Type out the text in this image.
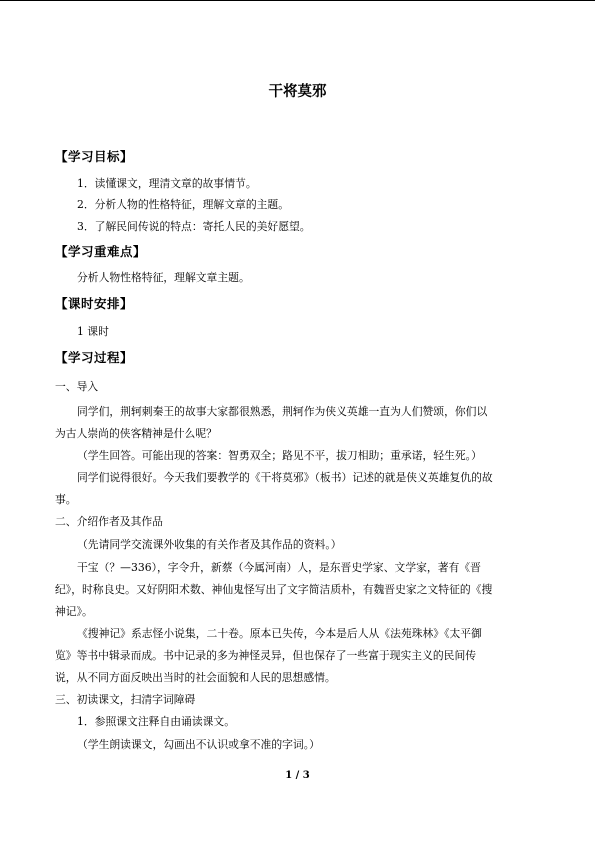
干将莫邪
【学习目标】
1．读懂课文，理清文章的故事情节。
2．分析人物的性格特征，理解文章的主题。
3．了解民间传说的特点：寄托人民的美好愿望。
【学习重难点】
分析人物性格特征，理解文章主题。
【课时安排】
1 课时
【学习过程】
一、导入
同学们，荆轲刺秦王的故事大家都很熟悉，荆轲作为侠义英雄一直为人们赞颂，你们以
为古人崇尚的侠客精神是什么呢？
（学生回答。可能出现的答案：智勇双全；路见不平，拔刀相助；重承诺，轻生死。）
同学们说得很好。今天我们要教学的《干将莫邪》（板书）记述的就是侠义英雄复仇的故
事。
二、介绍作者及其作品
（先请同学交流课外收集的有关作者及其作品的资料。）
干宝（？—336），字令升，新蔡（今属河南）人，是东晋史学家、文学家，著有《晋
纪》，时称良史。又好阴阳术数、神仙鬼怪写出了文字简洁质朴，有魏晋史家之文特征的《搜
神记》。
《搜神记》系志怪小说集，二十卷。原本已失传，今本是后人从《法苑珠林》《太平御
览》等书中辑录而成。书中记录的多为神怪灵异，但也保存了一些富于现实主义的民间传
说，从不同方面反映出当时的社会面貌和人民的思想感情。
三、初读课文，扫清字词障碍
1．参照课文注释自由诵读课文。
（学生朗读课文，勾画出不认识或拿不准的字词。）
1 / 3
